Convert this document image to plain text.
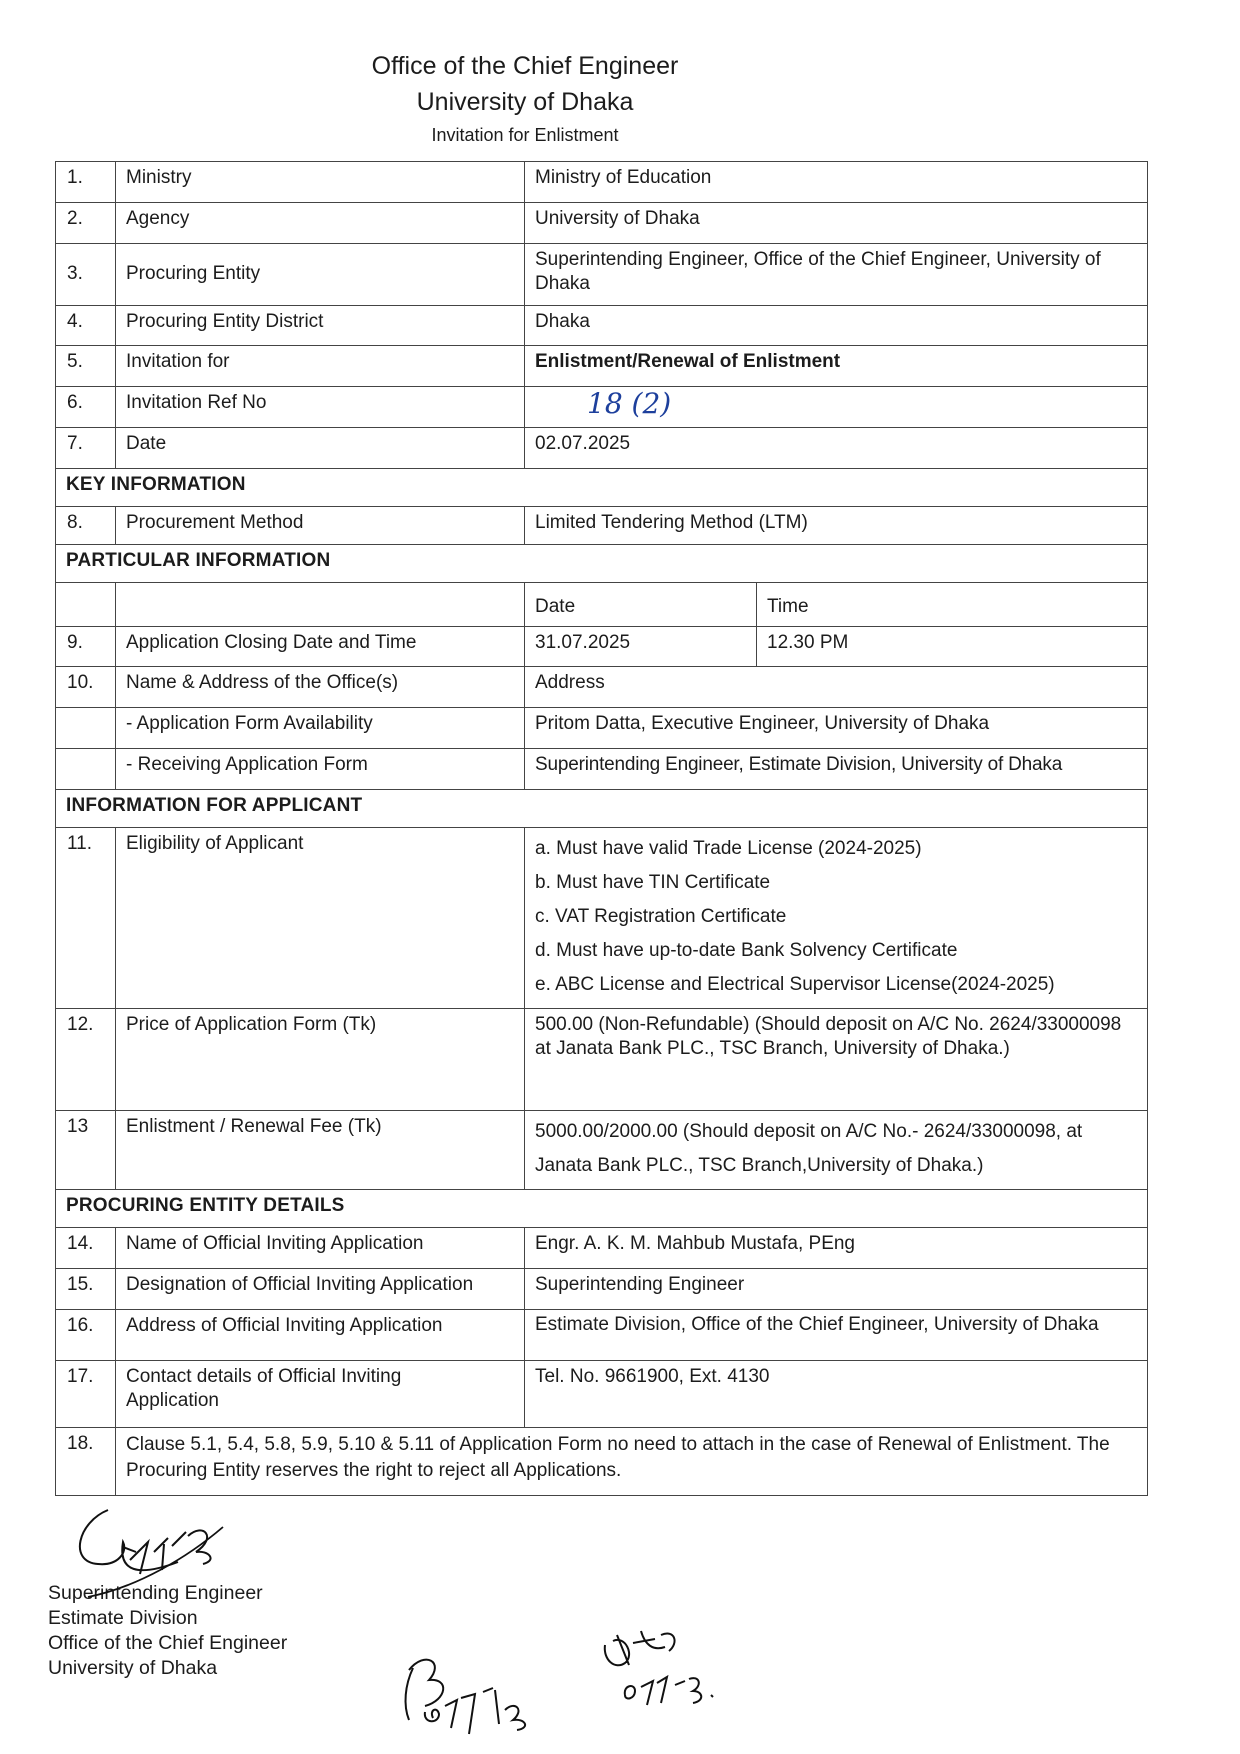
Office of the Chief Engineer
University of Dhaka
Invitation for Enlistment
1.	Ministry	Ministry of Education	
2.	Agency	University of Dhaka	
3.	Procuring Entity	Superintending Engineer, Office of the Chief Engineer, University of Dhaka	
4.	Procuring Entity District	Dhaka	
5.	Invitation for	Enlistment/Renewal of Enlistment	
6.	Invitation Ref No	18 (2)	
7.	Date	02.07.2025	
KEY INFORMATION			
8.	Procurement Method	Limited Tendering Method (LTM)	
PARTICULAR INFORMATION			
		Date	Time
9.	Application Closing Date and Time	31.07.2025	12.30 PM
10.	Name & Address of the Office(s)	Address	
	- Application Form Availability	Pritom Datta, Executive Engineer, University of Dhaka	
	- Receiving Application Form	Superintending Engineer, Estimate Division, University of Dhaka	
INFORMATION FOR APPLICANT			
11.	Eligibility of Applicant	a. Must have valid Trade License (2024-2025)
b. Must have TIN Certificate
c. VAT Registration Certificate
d. Must have up-to-date Bank Solvency Certificate
e. ABC License and Electrical Supervisor License(2024-2025)	

12.	Price of Application Form (Tk)	500.00 (Non-Refundable) (Should deposit on A/C No. 2624/33000098 at Janata Bank PLC., TSC Branch, University of Dhaka.)	
13	Enlistment / Renewal Fee (Tk)	5000.00/2000.00 (Should deposit on A/C No.- 2624/33000098, at Janata Bank PLC., TSC Branch,University of Dhaka.)	
PROCURING ENTITY DETAILS			
14.	Name of Official Inviting Application	Engr. A. K. M. Mahbub Mustafa, PEng	
15.	Designation of Official Inviting Application	Superintending Engineer	
16.	Address of Official Inviting Application	Estimate Division, Office of the Chief Engineer, University of Dhaka	
17.	Contact details of Official Inviting Application	Tel. No. 9661900, Ext. 4130	
18.	Clause 5.1, 5.4, 5.8, 5.9, 5.10 & 5.11 of Application Form no need to attach in the case of Renewal of Enlistment. The Procuring Entity reserves the right to reject all Applications.		
Superintending Engineer
Estimate Division
Office of the Chief Engineer
University of Dhaka
